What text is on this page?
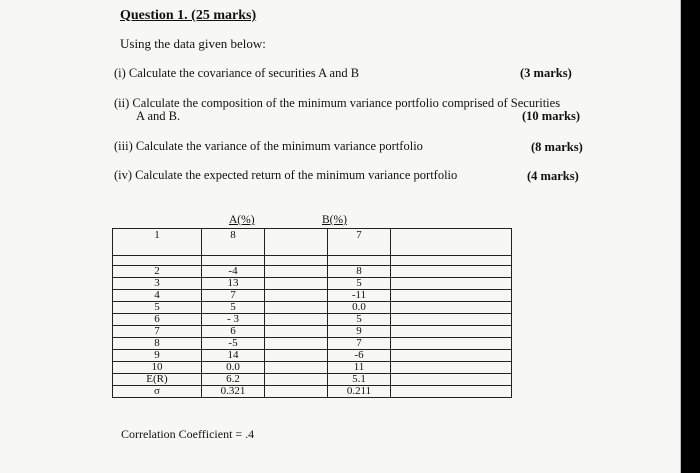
Question 1. (25 marks)
Using the data given below:
(i) Calculate the covariance of securities A and B	(3 marks)
(ii) Calculate the composition of the minimum variance portfolio comprised of Securities
A and B.	(10 marks)
(iii) Calculate the variance of the minimum variance portfolio	(8 marks)
(iv) Calculate the expected return of the minimum variance portfolio	(4 marks)
A(%)	B(%)
1	8		7	

2	-4		8	
3	13		5	
4	7		-11	
5	5		0.0	
6	- 3		5	
7	6		9	
8	-5		7	
9	14		-6	
10	0.0		11	
E(R)	6.2		5.1	
σ	0.321		0.211	
Correlation Coefficient = .4
